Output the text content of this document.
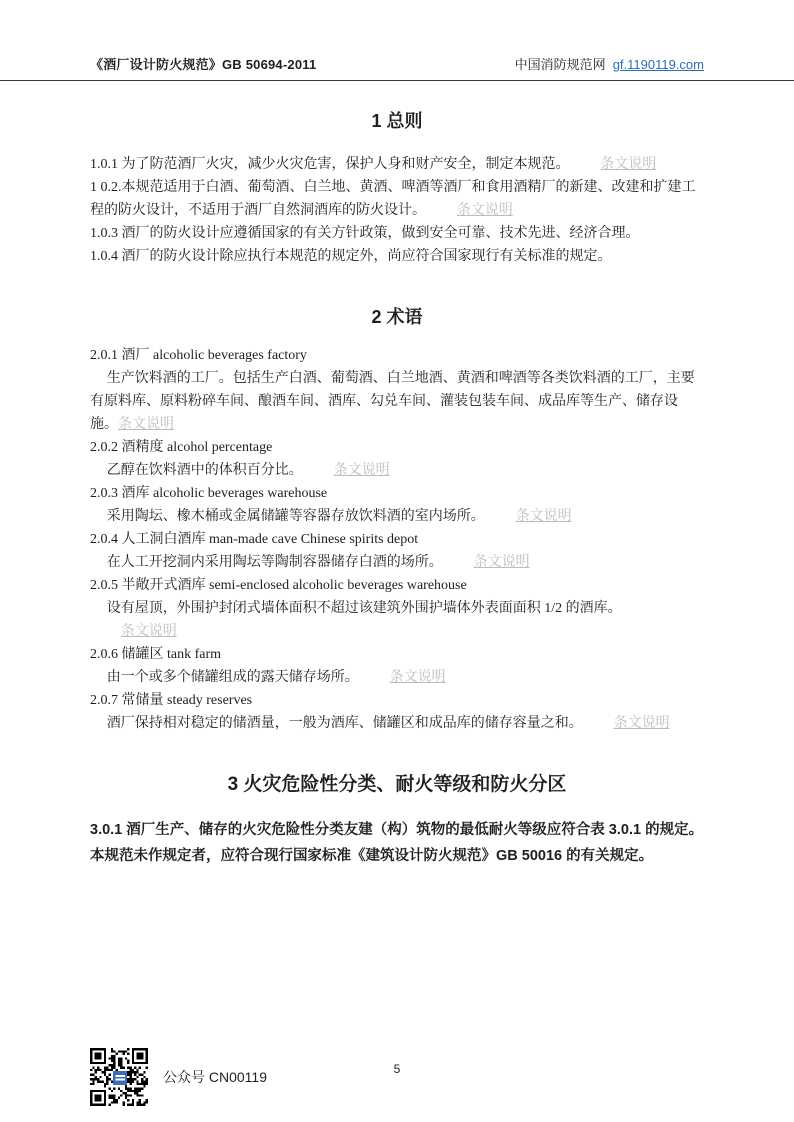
《酒厂设计防火规范》GB 50694-2011	中国消防规范网 gf.1190119.com
1 总则

1.0.1 为了防范酒厂火灾，减少火灾危害，保护人身和财产安全，制定本规范。 条文说明

1 0.2.本规范适用于白酒、葡萄酒、白兰地、黄酒、啤酒等酒厂和食用酒精厂的新建、改建和扩建工程的防火设计，不适用于酒厂自然洞酒库的防火设计。 条文说明

1.0.3 酒厂的防火设计应遵循国家的有关方针政策，做到安全可靠、技术先进、经济合理。

1.0.4 酒厂的防火设计除应执行本规范的规定外，尚应符合国家现行有关标准的规定。

2 术语

2.0.1 酒厂 alcoholic beverages factory

生产饮料酒的工厂。包括生产白酒、葡萄酒、白兰地酒、黄酒和啤酒等各类饮料酒的工厂，主要有原料库、原料粉碎车间、酿酒车间、酒库、勾兑车间、灌装包装车间、成品库等生产、储存设施。条文说明

2.0.2 酒精度 alcohol percentage

乙醇在饮料酒中的体积百分比。 条文说明

2.0.3 酒库 alcoholic beverages warehouse

采用陶坛、橡木桶或金属储罐等容器存放饮料酒的室内场所。 条文说明

2.0.4 人工洞白酒库 man-made cave Chinese spirits depot

在人工开挖洞内采用陶坛等陶制容器储存白酒的场所。 条文说明

2.0.5 半敞开式酒库 semi-enclosed alcoholic beverages warehouse

设有屋顶，外围护封闭式墙体面积不超过该建筑外围护墙体外表面面积 1/2 的酒库。条文说明

2.0.6 储罐区 tank farm

由一个或多个储罐组成的露天储存场所。 条文说明

2.0.7 常储量 steady reserves

酒厂保持相对稳定的储酒量，一般为酒库、储罐区和成品库的储存容量之和。 条文说明

3 火灾危险性分类、耐火等级和防火分区

3.0.1 酒厂生产、储存的火灾危险性分类友建（构）筑物的最低耐火等级应符合表 3.0.1 的规定。本规范未作规定者，应符合现行国家标准《建筑设计防火规范》GB 50016 的有关规定。

公众号 CN00119	5
